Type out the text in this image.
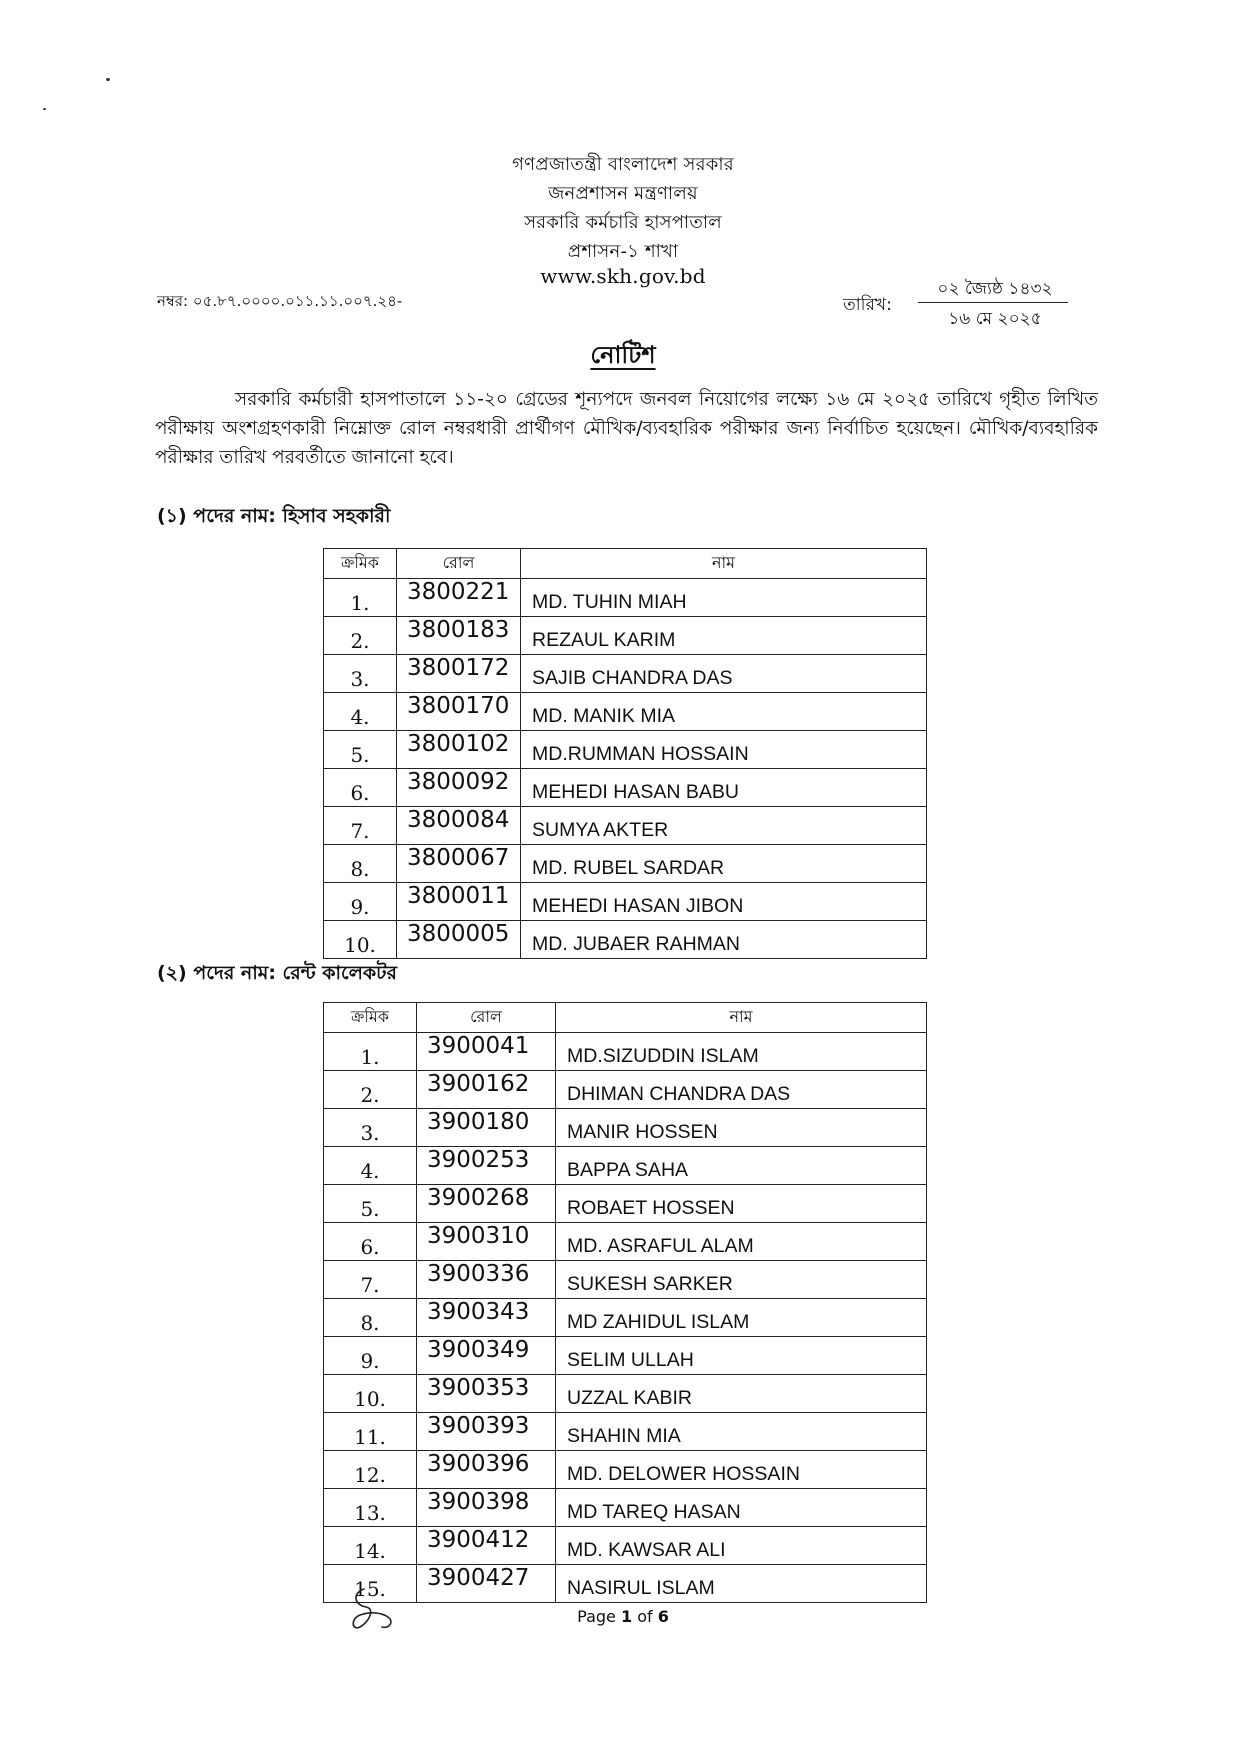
গণপ্রজাতন্ত্রী বাংলাদেশ সরকার
জনপ্রশাসন মন্ত্রণালয়
সরকারি কর্মচারি হাসপাতাল
প্রশাসন-১ শাখা
www.skh.gov.bd
নম্বর: ০৫.৮৭.০০০০.০১১.১১.০০৭.২৪-	তারিখ:
০২ জ্যৈষ্ঠ ১৪৩২
১৬ মে ২০২৫
নোটিশ

সরকারি কর্মচারী হাসপাতালে ১১-২০ গ্রেডের শূন্যপদে জনবল নিয়োগের লক্ষ্যে ১৬ মে ২০২৫ তারিখে গৃহীত লিখিত পরীক্ষায় অংশগ্রহণকারী নিম্নোক্ত রোল নম্বরধারী প্রার্থীগণ মৌখিক/ব্যবহারিক পরীক্ষার জন্য নির্বাচিত হয়েছেন। মৌখিক/ব্যবহারিক পরীক্ষার তারিখ পরবর্তীতে জানানো হবে।

(১) পদের নাম: হিসাব সহকারী
ক্রমিক	রোল	নাম
1.	3800221	MD. TUHIN MIAH
2.	3800183	REZAUL KARIM
3.	3800172	SAJIB CHANDRA DAS
4.	3800170	MD. MANIK MIA
5.	3800102	MD.RUMMAN HOSSAIN
6.	3800092	MEHEDI HASAN BABU
7.	3800084	SUMYA AKTER
8.	3800067	MD. RUBEL SARDAR
9.	3800011	MEHEDI HASAN JIBON
10.	3800005	MD. JUBAER RAHMAN
(২) পদের নাম: রেন্ট কালেকটর
ক্রমিক	রোল	নাম
1.	3900041	MD.SIZUDDIN ISLAM
2.	3900162	DHIMAN CHANDRA DAS
3.	3900180	MANIR HOSSEN
4.	3900253	BAPPA SAHA
5.	3900268	ROBAET HOSSEN
6.	3900310	MD. ASRAFUL ALAM
7.	3900336	SUKESH SARKER
8.	3900343	MD ZAHIDUL ISLAM
9.	3900349	SELIM ULLAH
10.	3900353	UZZAL KABIR
11.	3900393	SHAHIN MIA
12.	3900396	MD. DELOWER HOSSAIN
13.	3900398	MD TAREQ HASAN
14.	3900412	MD. KAWSAR ALI
15.	3900427	NASIRUL ISLAM
Page 1 of 6
